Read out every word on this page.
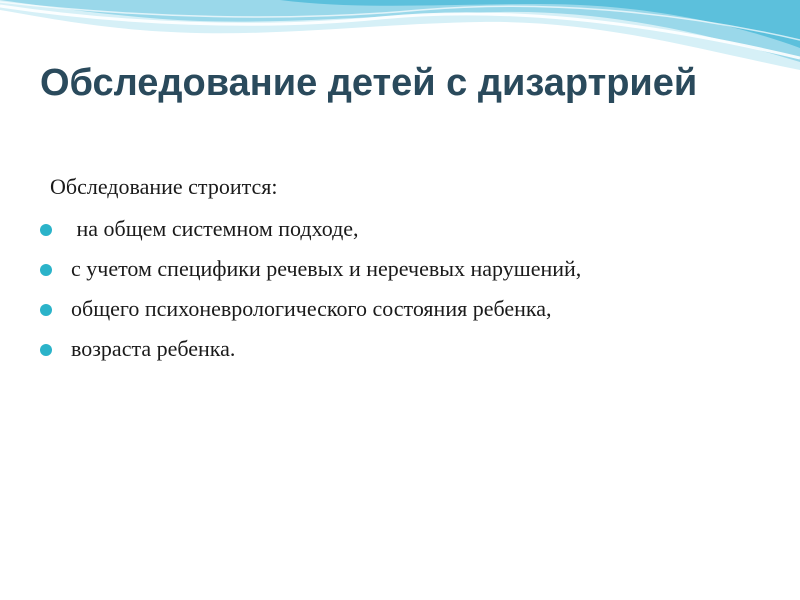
Обследование детей с дизартрией

Обследование строится:

на общем системном подходе,
с учетом специфики речевых и неречевых нарушений,
общего психоневрологического состояния ребенка,
возраста ребенка.
